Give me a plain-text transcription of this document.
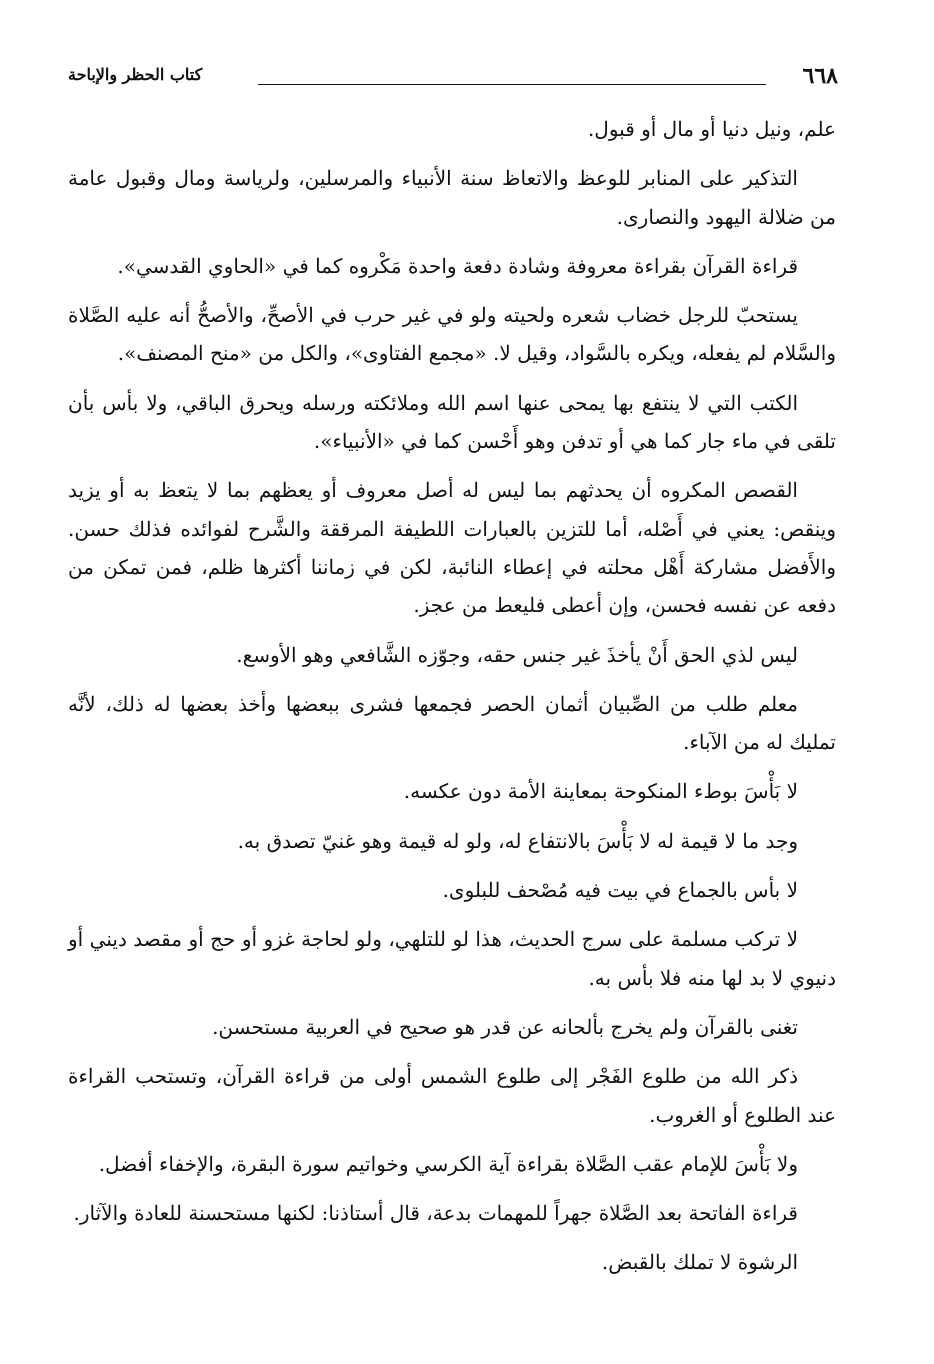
٦٦٨
كتاب الحظر والإباحة

علم، ونيل دنيا أو مال أو قبول.

التذكير على المنابر للوعظ والاتعاظ سنة الأنبياء والمرسلين، ولرياسة ومال وقبول عامة من ضلالة اليهود والنصارى.

قراءة القرآن بقراءة معروفة وشادة دفعة واحدة مَكْروه كما في «الحاوي القدسي».

يستحبّ للرجل خضاب شعره ولحيته ولو في غير حرب في الأصحِّ، والأصحُّ أنه عليه الصَّلاة والسَّلام لم يفعله، ويكره بالسَّواد، وقيل لا. «مجمع الفتاوى»، والكل من «منح المصنف».

الكتب التي لا ينتفع بها يمحى عنها اسم الله وملائكته ورسله ويحرق الباقي، ولا بأس بأن تلقى في ماء جار كما هي أو تدفن وهو أَحْسن كما في «الأنبياء».

القصص المكروه أن يحدثهم بما ليس له أصل معروف أو يعظهم بما لا يتعظ به أو يزيد وينقص: يعني في أَصْله، أما للتزين بالعبارات اللطيفة المرققة والشَّرح لفوائده فذلك حسن. والأَفضل مشاركة أَهْل محلته في إعطاء النائبة، لكن في زماننا أكثرها ظلم، فمن تمكن من دفعه عن نفسه فحسن، وإن أعطى فليعط من عجز.

ليس لذي الحق أَنْ يأخذَ غير جنس حقه، وجوّزه الشَّافعي وهو الأوسع.

معلم طلب من الصِّبيان أثمان الحصر فجمعها فشرى ببعضها وأخذ بعضها له ذلك، لأنَّه تمليك له من الآباء.

لا بَأْسَ بوطء المنكوحة بمعاينة الأمة دون عكسه.

وجد ما لا قيمة له لا بَأْسَ بالانتفاع له، ولو له قيمة وهو غنيّ تصدق به.

لا بأس بالجماع في بيت فيه مُصْحف للبلوى.

لا تركب مسلمة على سرج الحديث، هذا لو للتلهي، ولو لحاجة غزو أو حج أو مقصد ديني أو دنيوي لا بد لها منه فلا بأس به.

تغنى بالقرآن ولم يخرج بألحانه عن قدر هو صحيح في العربية مستحسن.

ذكر الله من طلوع الفَجْر إلى طلوع الشمس أولى من قراءة القرآن، وتستحب القراءة عند الطلوع أو الغروب.

ولا بَأْسَ للإمام عقب الصَّلاة بقراءة آية الكرسي وخواتيم سورة البقرة، والإخفاء أفضل.

قراءة الفاتحة بعد الصَّلاة جهراً للمهمات بدعة، قال أستاذنا: لكنها مستحسنة للعادة والآثار.

الرشوة لا تملك بالقبض.
